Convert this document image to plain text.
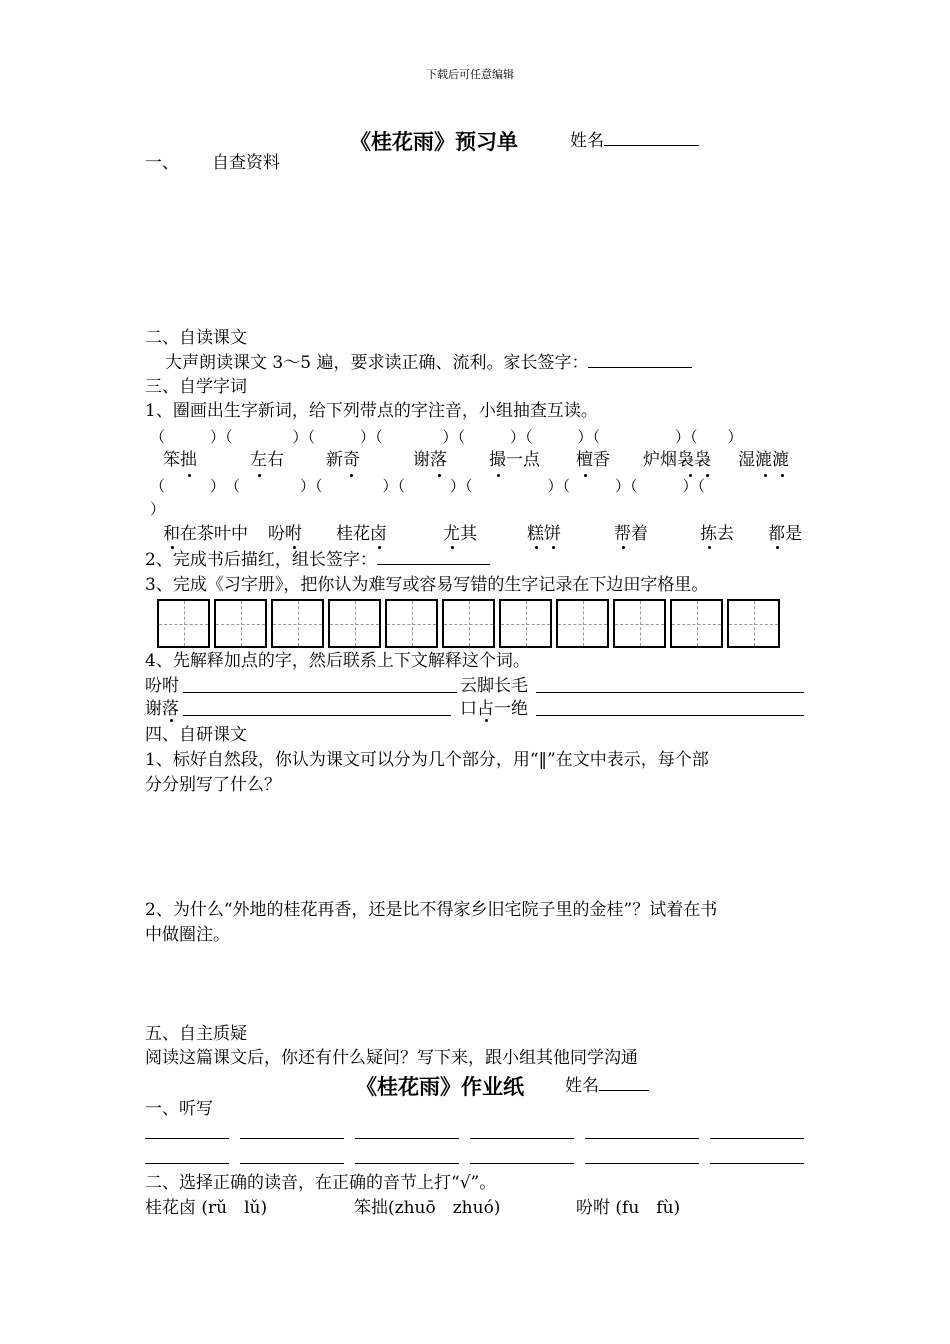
下载后可任意编辑
《桂花雨》预习单	姓名
一、 自查资料
二、自读课文
大声朗读课文 3～5 遍，要求读正确、流利。家长签字：
三、自学字词
1、圈画出生字新词，给下列带点的字注音，小组抽查互读。
（　　　）（　　　　）（　　　）（　　　　）（　　　）（　　　）（　　　　　）（　　）
笨拙	左右 新奇	谢落 撮一点 檀香 炉烟袅袅 湿漉漉
（　　　）　（　　　　）（　　　　）（　　　）（　　　　　）（　　　）（　　　）（
）
和在茶叶中 吩咐 桂花卤	尤其	糕饼	帮着	拣去 都是
2、完成书后描红，组长签字：
3、完成《习字册》，把你认为难写或容易写错的生字记录在下边田字格里。
4、先解释加点的字，然后联系上下文解释这个词。
吩咐	云脚长毛
谢落	口占一绝
四、自研课文
1、标好自然段，你认为课文可以分为几个部分，用“‖”在文中表示，每个部
分分别写了什么？
2、为什么“外地的桂花再香，还是比不得家乡旧宅院子里的金桂”？试着在书
中做圈注。
五、自主质疑
阅读这篇课文后，你还有什么疑问？写下来，跟小组其他同学沟通
《桂花雨》作业纸 姓名
一、听写
二、选择正确的读音，在正确的音节上打“√”。
桂花卤 (rǔ　lǔ)	笨拙(zhuō　zhuó)	吩咐 (fu　fù)
